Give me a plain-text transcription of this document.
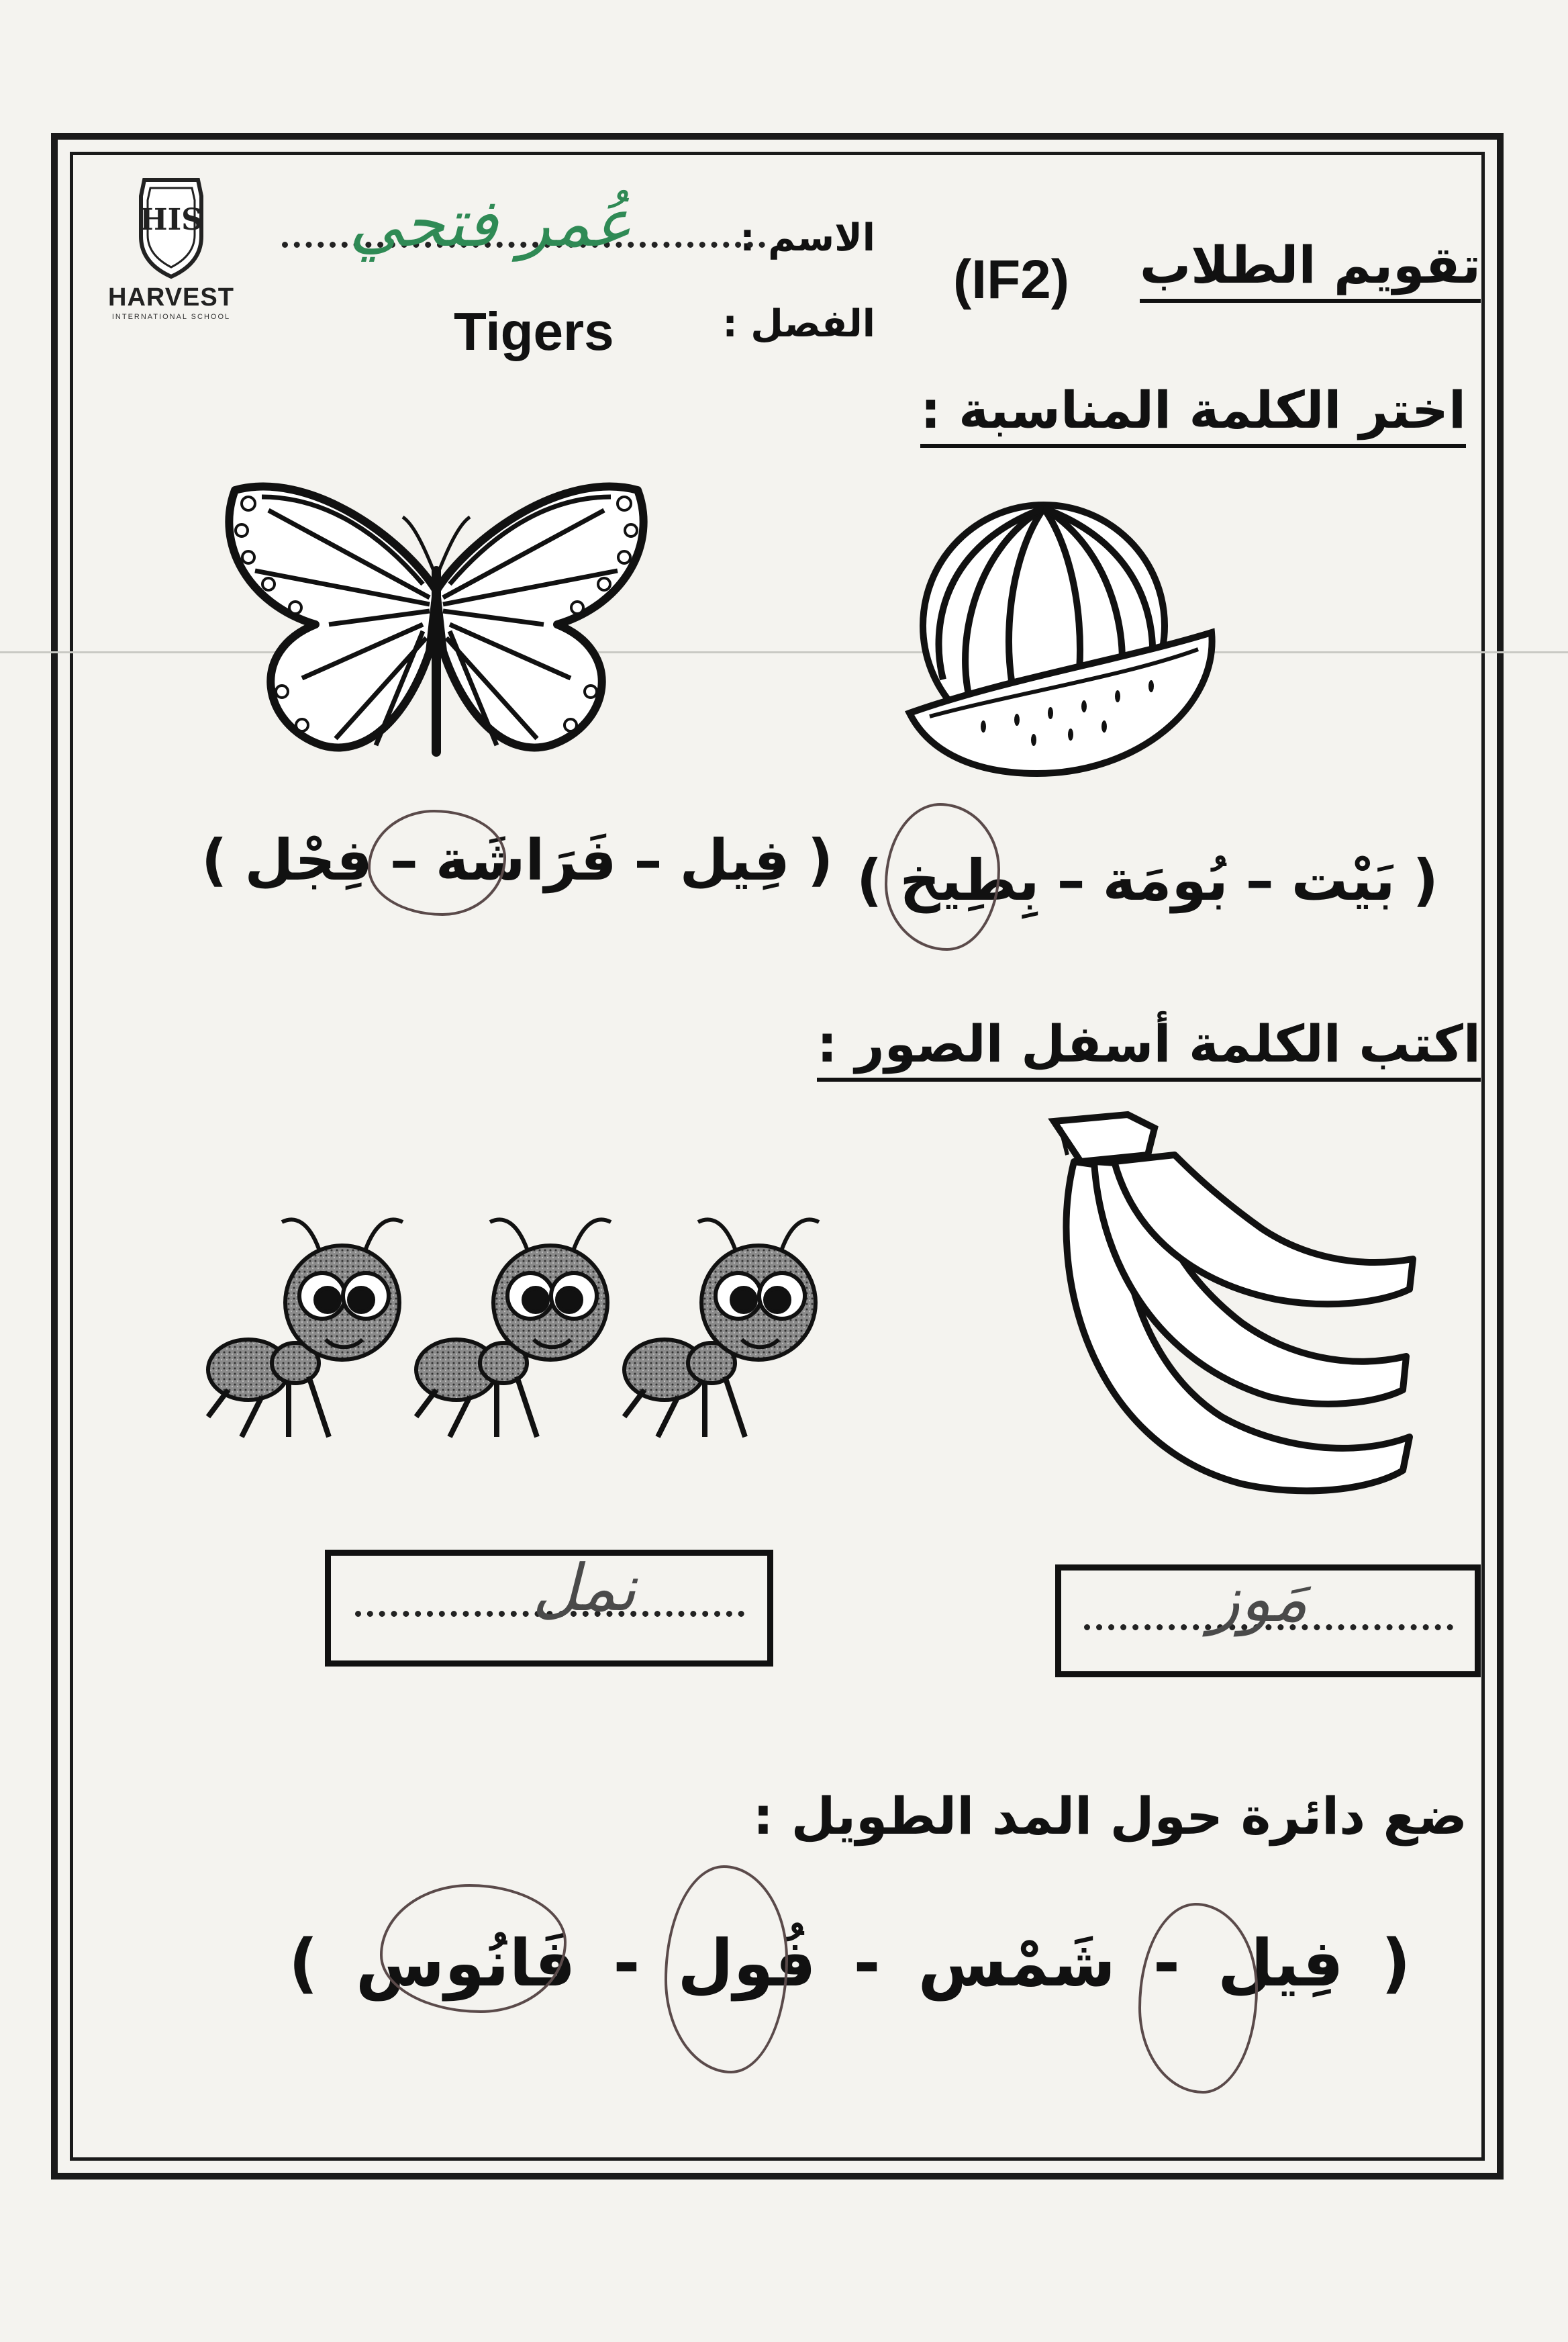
HIS
HARVEST
INTERNATIONAL SCHOOL
تقويم الطلاب
(IF2)
الاسم :
عُمر فتحي
الفصل :
Tigers
اختر الكلمة المناسبة :
(
فِيل
–
فَرَاشَة
–
فِجْل
)	(
بَيْت
–
بُومَة
–
بِطِيخ
)
اكتب الكلمة أسفل الصور :
نمل	مَوز
ضع دائرة حول المد الطويل :
(
فِيل
-
شَمْس
-
فُول
-
فَانُوس
)
